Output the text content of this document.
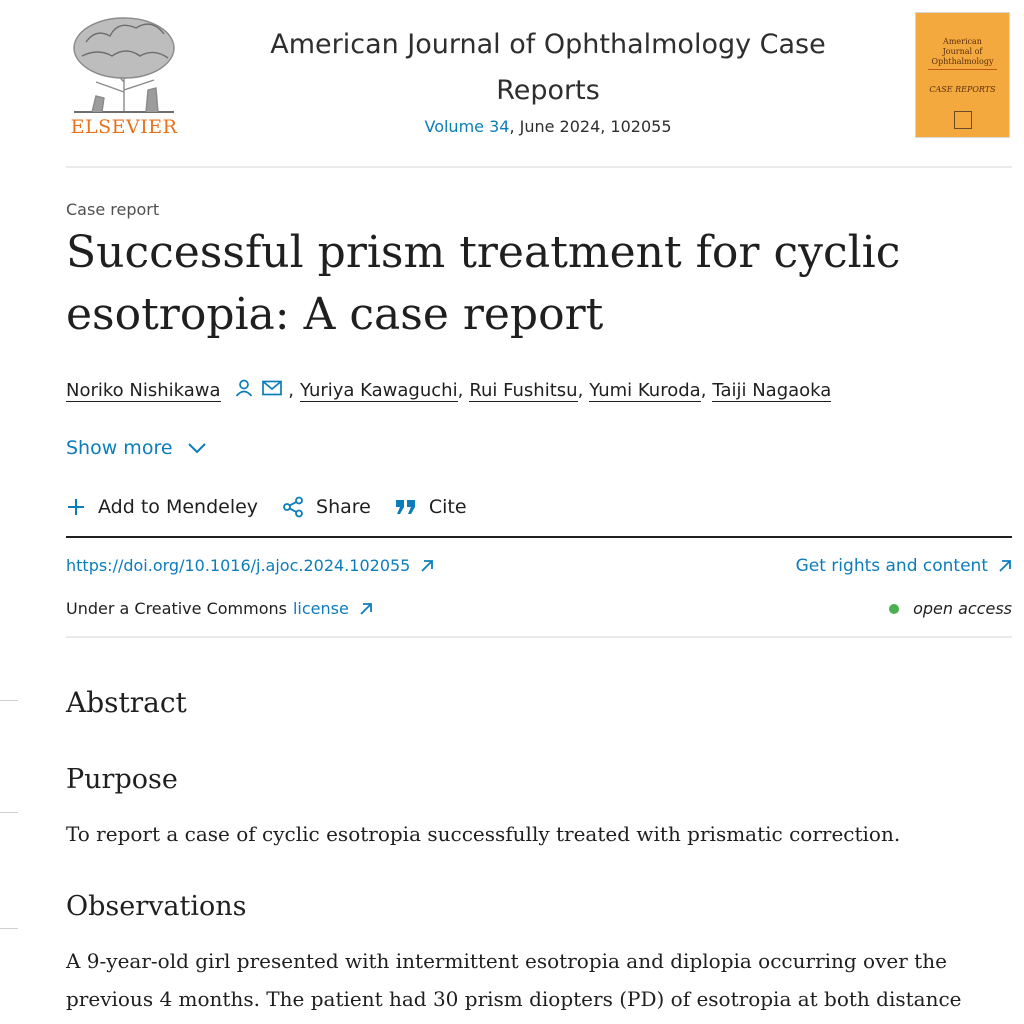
ELSEVIER
American Journal of Ophthalmology Case
Reports
Volume 34, June 2024, 102055
American
Journal of
Ophthalmology
CASE REPORTS
Case report
Successful prism treatment for cyclic esotropia: A case report
Noriko Nishikawa	, Yuriya Kawaguchi, Rui Fushitsu, Yumi Kuroda, Taiji Nagaoka
Show more
Add to Mendeley	Share	Cite
https://doi.org/10.1016/j.ajoc.2024.102055	Get rights and content
Under a Creative Commons license	open access
Abstract
Purpose
To report a case of cyclic esotropia successfully treated with prismatic correction.
Observations
A 9-year-old girl presented with intermittent esotropia and diplopia occurring over the
previous 4 months. The patient had 30 prism diopters (PD) of esotropia at both distance
